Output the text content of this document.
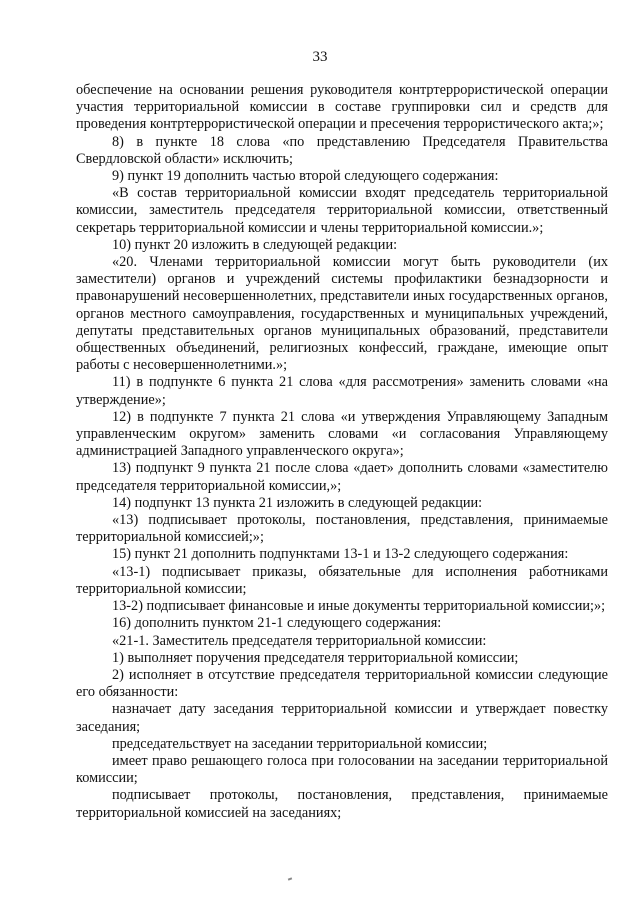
33

обеспечение на основании решения руководителя контртеррористической операции участия территориальной комиссии в составе группировки сил и средств для проведения контртеррористической операции и пресечения террористического акта;»;

8) в пункте 18 слова «по представлению Председателя Правительства Свердловской области» исключить;

9) пункт 19 дополнить частью второй следующего содержания:

«В состав территориальной комиссии входят председатель территориальной комиссии, заместитель председателя территориальной комиссии, ответственный секретарь территориальной комиссии и члены территориальной комиссии.»;

10) пункт 20 изложить в следующей редакции:

«20. Членами территориальной комиссии могут быть руководители (их заместители) органов и учреждений системы профилактики безнадзорности и правонарушений несовершеннолетних, представители иных государственных органов, органов местного самоуправления, государственных и муниципальных учреждений, депутаты представительных органов муниципальных образований, представители общественных объединений, религиозных конфессий, граждане, имеющие опыт работы с несовершеннолетними.»;

11) в подпункте 6 пункта 21 слова «для рассмотрения» заменить словами «на утверждение»;

12) в подпункте 7 пункта 21 слова «и утверждения Управляющему Западным управленческим округом» заменить словами «и согласования Управляющему администрацией Западного управленческого округа»;

13) подпункт 9 пункта 21 после слова «дает» дополнить словами «заместителю председателя территориальной комиссии,»;

14) подпункт 13 пункта 21 изложить в следующей редакции:

«13) подписывает протоколы, постановления, представления, принимаемые территориальной комиссией;»;

15) пункт 21 дополнить подпунктами 13-1 и 13-2 следующего содержания:

«13-1) подписывает приказы, обязательные для исполнения работниками территориальной комиссии;

13-2) подписывает финансовые и иные документы территориальной комиссии;»;

16) дополнить пунктом 21-1 следующего содержания:

«21-1. Заместитель председателя территориальной комиссии:

1) выполняет поручения председателя территориальной комиссии;

2) исполняет в отсутствие председателя территориальной комиссии следующие его обязанности:

назначает дату заседания территориальной комиссии и утверждает повестку заседания;

председательствует на заседании территориальной комиссии;

имеет право решающего голоса при голосовании на заседании территориальной комиссии;

подписывает протоколы, постановления, представления, принимаемые территориальной комиссией на заседаниях;
